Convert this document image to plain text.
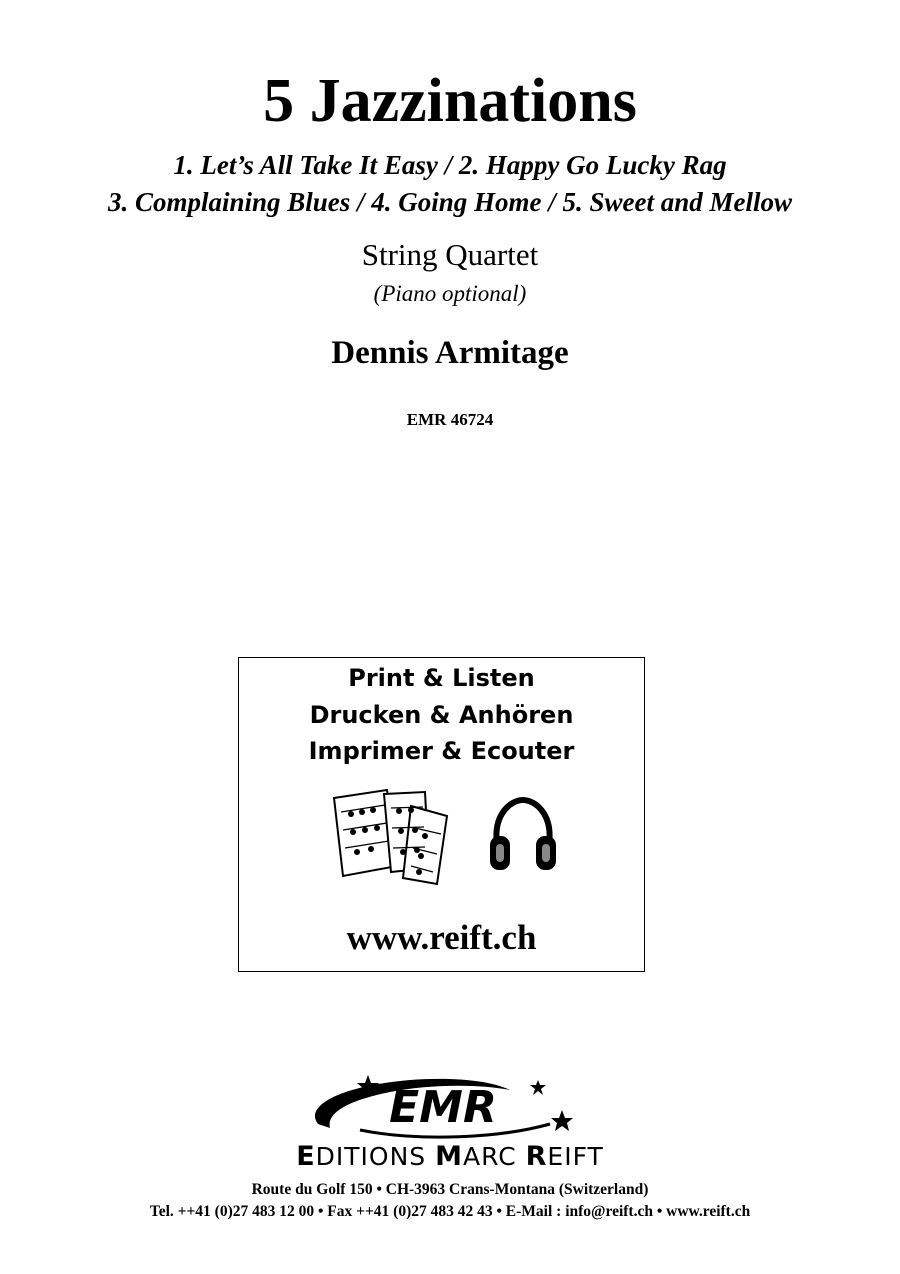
5 Jazzinations
1. Let’s All Take It Easy / 2. Happy Go Lucky Rag
3. Complaining Blues / 4. Going Home / 5. Sweet and Mellow
String Quartet
(Piano optional)
Dennis Armitage
EMR 46724
Print & Listen
Drucken & Anhören
Imprimer & Ecouter
www.reift.ch
EMR
EDITIONS MARC REIFT
Route du Golf 150 • CH-3963 Crans-Montana (Switzerland)
Tel. ++41 (0)27 483 12 00 • Fax ++41 (0)27 483 42 43 • E-Mail : info@reift.ch • www.reift.ch
